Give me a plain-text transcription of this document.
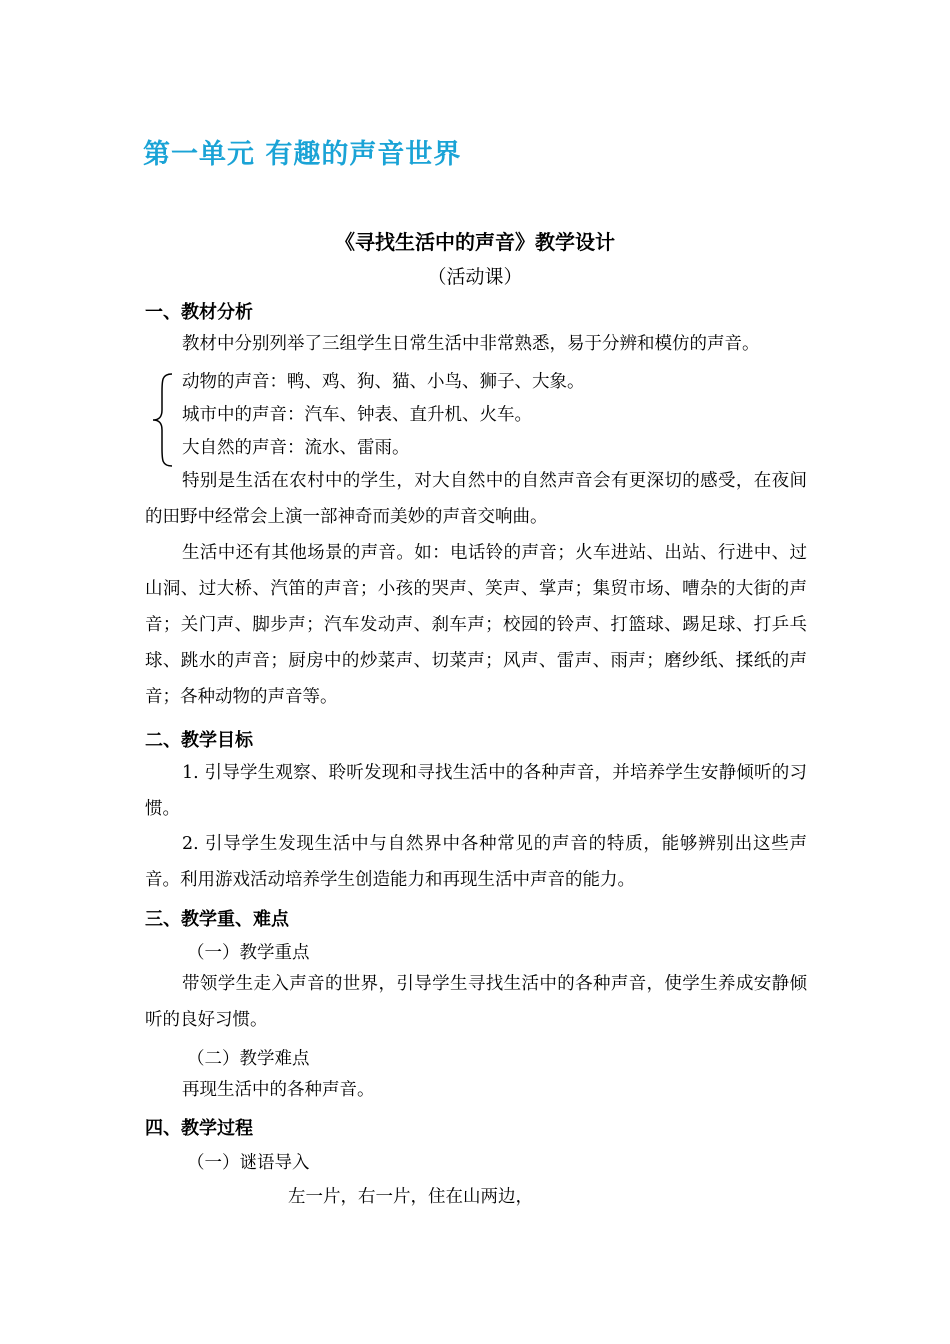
第一单元 有趣的声音世界
《寻找生活中的声音》教学设计
（活动课）
一、教材分析
教材中分别列举了三组学生日常生活中非常熟悉，易于分辨和模仿的声音。
动物的声音：鸭、鸡、狗、猫、小鸟、狮子、大象。
城市中的声音：汽车、钟表、直升机、火车。
大自然的声音：流水、雷雨。
特别是生活在农村中的学生，对大自然中的自然声音会有更深切的感受，在夜间的田野中经常会上演一部神奇而美妙的声音交响曲。
生活中还有其他场景的声音。如：电话铃的声音；火车进站、出站、行进中、过山洞、过大桥、汽笛的声音；小孩的哭声、笑声、掌声；集贸市场、嘈杂的大街的声音；关门声、脚步声；汽车发动声、刹车声；校园的铃声、打篮球、踢足球、打乒乓球、跳水的声音；厨房中的炒菜声、切菜声；风声、雷声、雨声；磨纱纸、揉纸的声音；各种动物的声音等。
二、教学目标
1. 引导学生观察、聆听发现和寻找生活中的各种声音，并培养学生安静倾听的习惯。
2. 引导学生发现生活中与自然界中各种常见的声音的特质，能够辨别出这些声音。利用游戏活动培养学生创造能力和再现生活中声音的能力。
三、教学重、难点
（一）教学重点
带领学生走入声音的世界，引导学生寻找生活中的各种声音，使学生养成安静倾听的良好习惯。
（二）教学难点
再现生活中的各种声音。
四、教学过程
（一）谜语导入
左一片，右一片，住在山两边，
